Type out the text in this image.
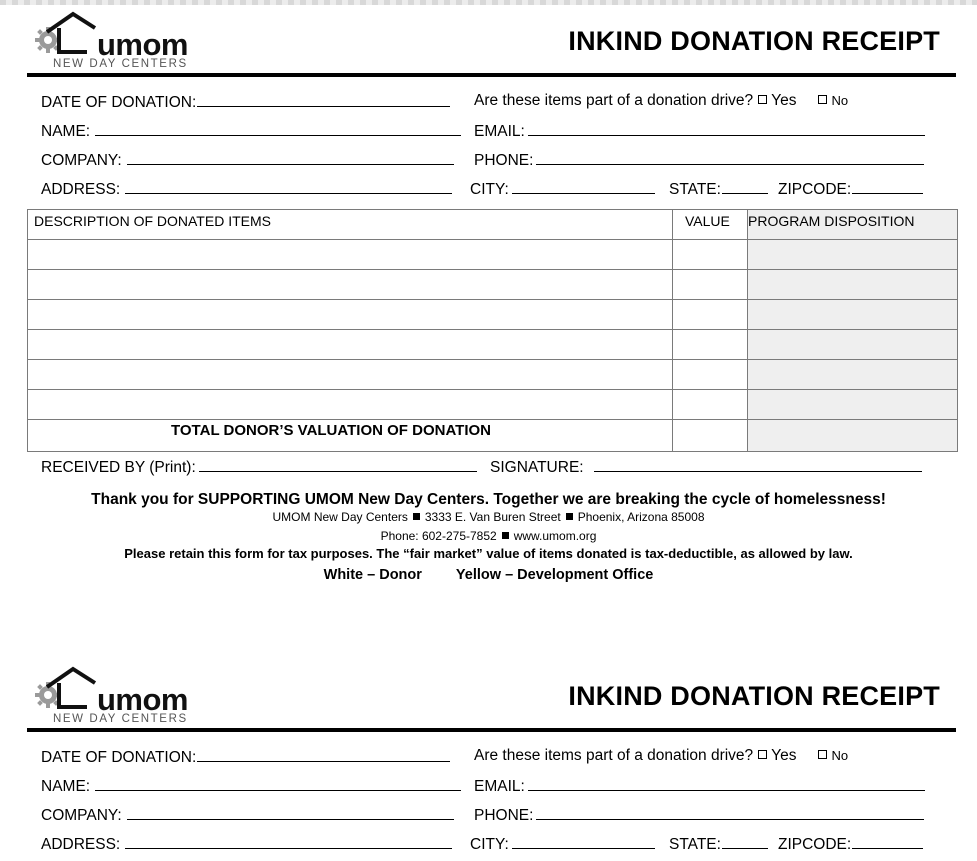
umom
NEW DAY CENTERS
INKIND DONATION RECEIPT
DATE OF DONATION:	Are these items part of a donation drive? Yes	No
NAME:	EMAIL:
COMPANY:	PHONE:
ADDRESS:	CITY:	STATE:	ZIPCODE:
DESCRIPTION OF DONATED ITEMS	VALUE	PROGRAM DISPOSITION

TOTAL DONOR’S VALUATION OF DONATION		
RECEIVED BY (Print):	SIGNATURE:
Thank you for SUPPORTING UMOM New Day Centers. Together we are breaking the cycle of homelessness!
UMOM New Day Centers 3333 E. Van Buren Street Phoenix, Arizona 85008
Phone: 602-275-7852 www.umom.org
Please retain this form for tax purposes. The “fair market” value of items donated is tax-deductible, as allowed by law.
White – Donor Yellow – Development Office
umom
NEW DAY CENTERS
INKIND DONATION RECEIPT
DATE OF DONATION:	Are these items part of a donation drive? Yes	No
NAME:	EMAIL:
COMPANY:	PHONE:
ADDRESS:	CITY:	STATE:	ZIPCODE:
